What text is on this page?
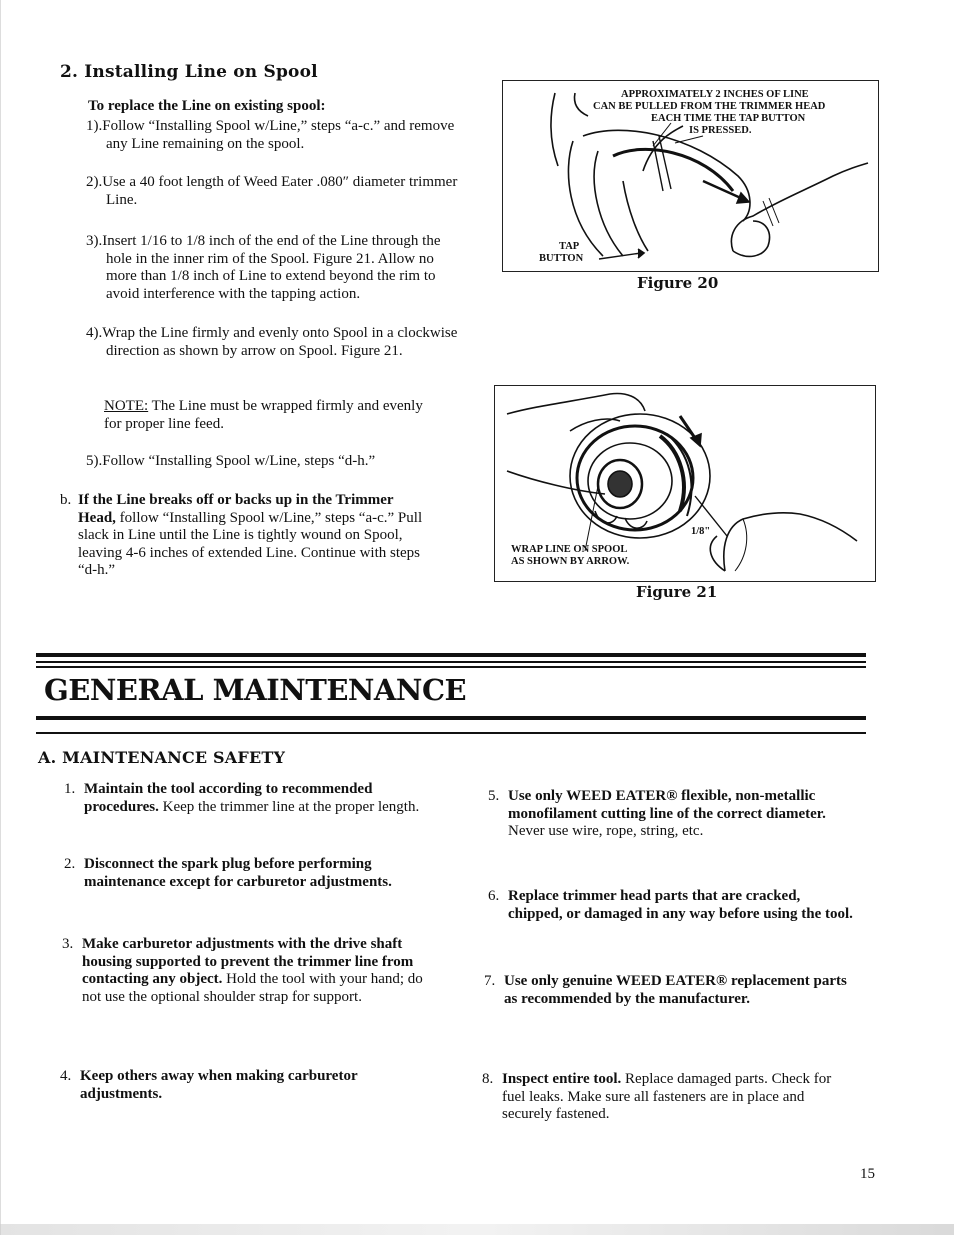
2. Installing Line on Spool
To replace the Line on existing spool:
1).Follow “Installing Spool w/Line,” steps “a-c.” and remove any Line remaining on the spool.
2).Use a 40 foot length of Weed Eater .080″ diameter trimmer Line.
3).Insert 1/16 to 1/8 inch of the end of the Line through the hole in the inner rim of the Spool. Figure 21. Allow no more than 1/8 inch of Line to extend beyond the rim to avoid interference with the tapping action.
4).Wrap the Line firmly and evenly onto Spool in a clockwise direction as shown by arrow on Spool. Figure 21.
NOTE: The Line must be wrapped firmly and evenly for proper line feed.
5).Follow “Installing Spool w/Line, steps “d-h.”
b. If the Line breaks off or backs up in the Trimmer Head, follow “Installing Spool w/Line,” steps “a-c.” Pull slack in Line until the Line is tightly wound on Spool, leaving 4-6 inches of extended Line. Continue with steps “d-h.”
APPROXIMATELY 2 INCHES OF LINE
CAN BE PULLED FROM THE TRIMMER HEAD
EACH TIME THE TAP BUTTON
IS PRESSED.
TAP
BUTTON
Figure 20
WRAP LINE ON SPOOL
AS SHOWN BY ARROW.
1/8"
Figure 21
GENERAL MAINTENANCE
A. MAINTENANCE SAFETY
1. Maintain the tool according to recommended procedures. Keep the trimmer line at the proper length.
2. Disconnect the spark plug before performing maintenance except for carburetor adjustments.
3. Make carburetor adjustments with the drive shaft housing supported to prevent the trimmer line from contacting any object. Hold the tool with your hand; do not use the optional shoulder strap for support.
4. Keep others away when making carburetor adjustments.
5. Use only WEED EATER® flexible, non-metallic monofilament cutting line of the correct diameter. Never use wire, rope, string, etc.
6. Replace trimmer head parts that are cracked, chipped, or damaged in any way before using the tool.
7. Use only genuine WEED EATER® replacement parts as recommended by the manufacturer.
8. Inspect entire tool. Replace damaged parts. Check for fuel leaks. Make sure all fasteners are in place and securely fastened.
15
